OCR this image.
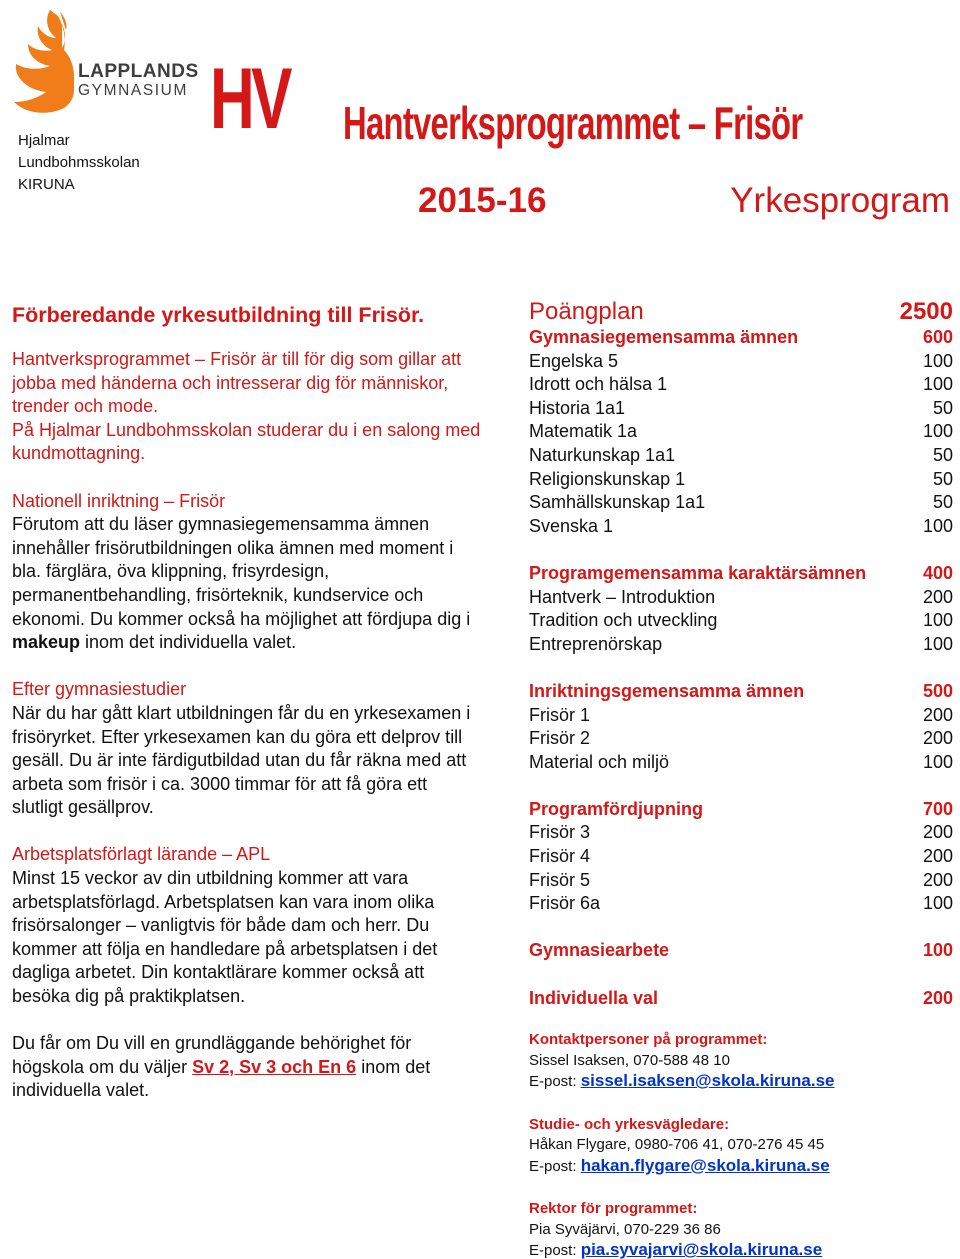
LAPPLANDS
GYMNASIUM
Hjalmar
Lundbohmsskolan
KIRUNA
HV Hantverksprogrammet – Frisör
2015-16	Yrkesprogram
Förberedande yrkesutbildning till Frisör.
Hantverksprogrammet – Frisör är till för dig som gillar att jobba med händerna och intresserar dig för människor, trender och mode.
På Hjalmar Lundbohmsskolan studerar du i en salong med kundmottagning.
Nationell inriktning – Frisör
Förutom att du läser gymnasiegemensamma ämnen innehåller frisörutbildningen olika ämnen med moment i bla. färglära, öva klippning, frisyrdesign, permanentbehandling, frisörteknik, kundservice och ekonomi. Du kommer också ha möjlighet att fördjupa dig i makeup inom det individuella valet.
Efter gymnasiestudier
När du har gått klart utbildningen får du en yrkesexamen i frisöryrket. Efter yrkesexamen kan du göra ett delprov till gesäll. Du är inte färdigutbildad utan du får räkna med att arbeta som frisör i ca. 3000 timmar för att få göra ett slutligt gesällprov.
Arbetsplatsförlagt lärande – APL
Minst 15 veckor av din utbildning kommer att vara arbetsplatsförlagd. Arbetsplatsen kan vara inom olika frisörsalonger – vanligtvis för både dam och herr. Du kommer att följa en handledare på arbetsplatsen i det dagliga arbetet. Din kontaktlärare kommer också att besöka dig på praktikplatsen.
Du får om Du vill en grundläggande behörighet för högskola om du väljer Sv 2, Sv 3 och En 6 inom det individuella valet.
Poängplan	2500
Gymnasiegemensamma ämnen	600
Engelska 5	100
Idrott och hälsa 1	100
Historia 1a1	50
Matematik 1a	100
Naturkunskap 1a1	50
Religionskunskap 1	50
Samhällskunskap 1a1	50
Svenska 1	100
Programgemensamma karaktärsämnen	400
Hantverk – Introduktion	200
Tradition och utveckling	100
Entreprenörskap	100
Inriktningsgemensamma ämnen	500
Frisör 1	200
Frisör 2	200
Material och miljö	100
Programfördjupning	700
Frisör 3	200
Frisör 4	200
Frisör 5	200
Frisör 6a	100
Gymnasiearbete	100
Individuella val	200
Kontaktpersoner på programmet:
Sissel Isaksen, 070-588 48 10
E-post: sissel.isaksen@skola.kiruna.se
Studie- och yrkesvägledare:
Håkan Flygare, 0980-706 41, 070-276 45 45
E-post: hakan.flygare@skola.kiruna.se
Rektor för programmet:
Pia Syväjärvi, 070-229 36 86
E-post: pia.syvajarvi@skola.kiruna.se
